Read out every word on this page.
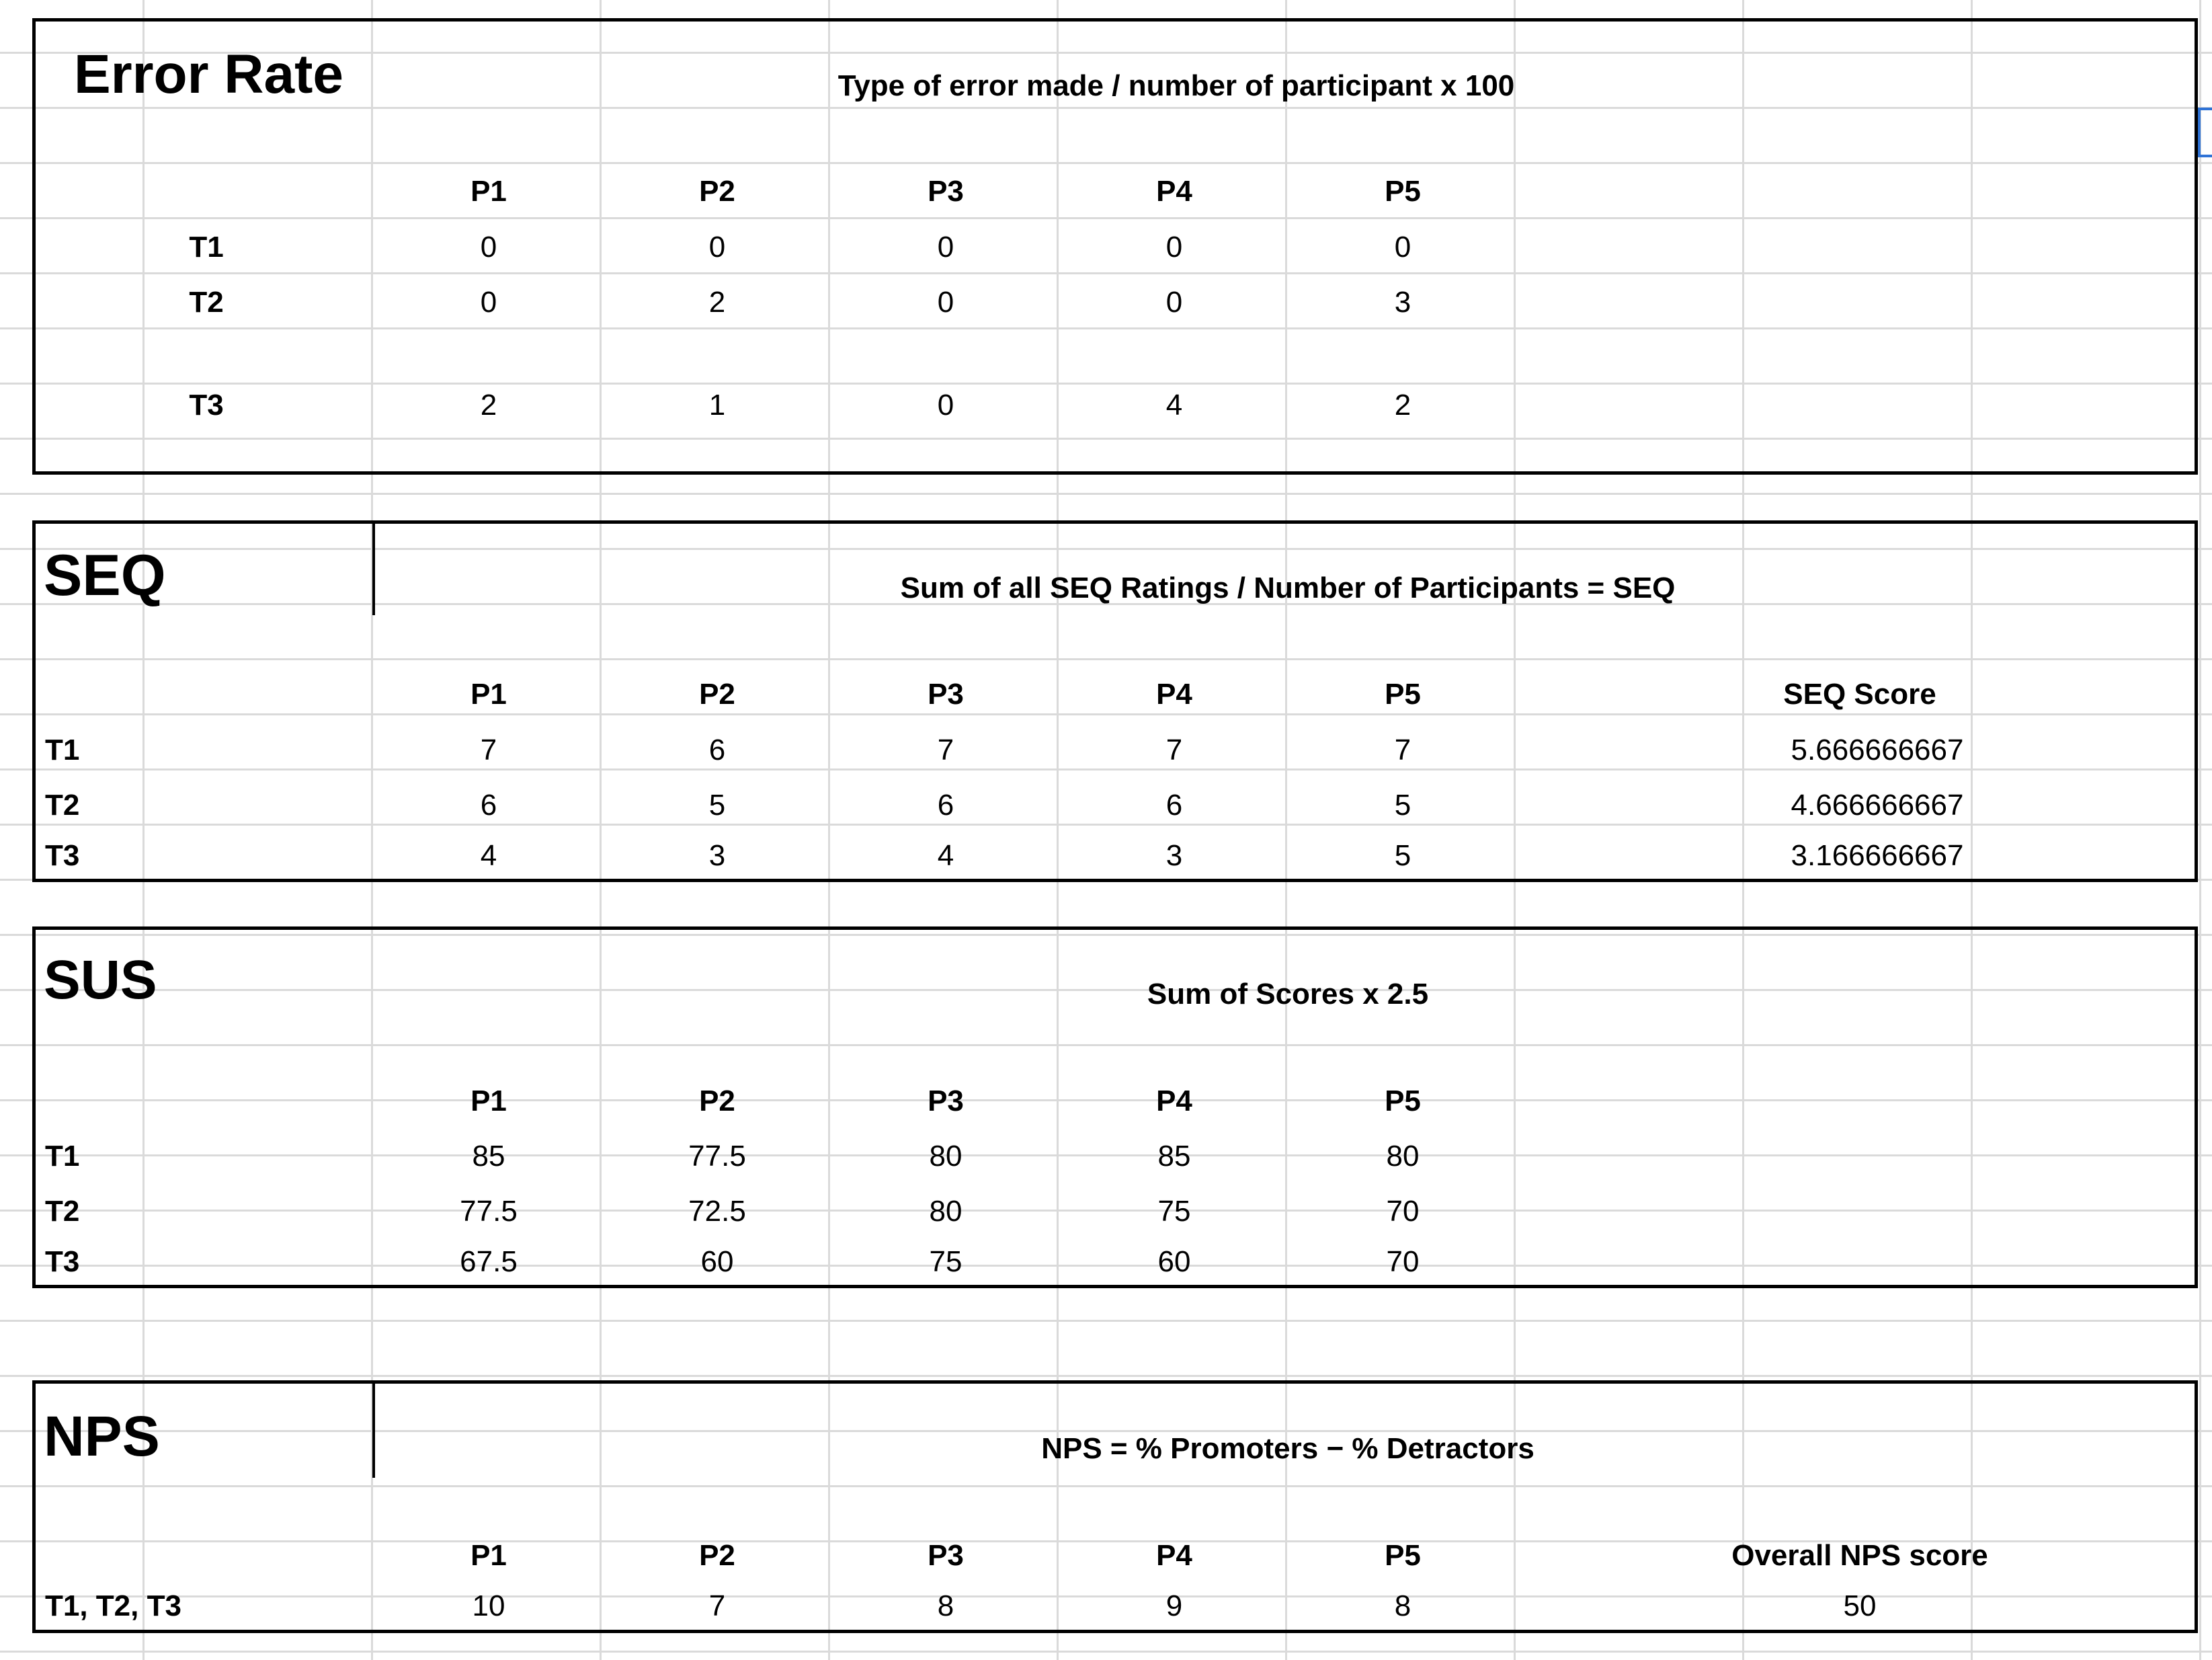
Error Rate	Type of error made / number of participant x 100
P1	P2	P3	P4	P5
T1	0	0	0	0	0
T2	0	2	0	0	3
T3	2	1	0	4	2
SEQ	Sum of all SEQ Ratings / Number of Participants = SEQ
P1	P2	P3	P4	P5	SEQ Score
T1	7	6	7	7	7	5.666666667
T2	6	5	6	6	5	4.666666667
T3	4	3	4	3	5	3.166666667
SUS	Sum of Scores x 2.5
P1	P2	P3	P4	P5
T1	85	77.5	80	85	80
T2	77.5	72.5	80	75	70
T3	67.5	60	75	60	70
NPS	NPS = % Promoters − % Detractors
P1	P2	P3	P4	P5	Overall NPS score
T1, T2, T3	10	7	8	9	8	50
